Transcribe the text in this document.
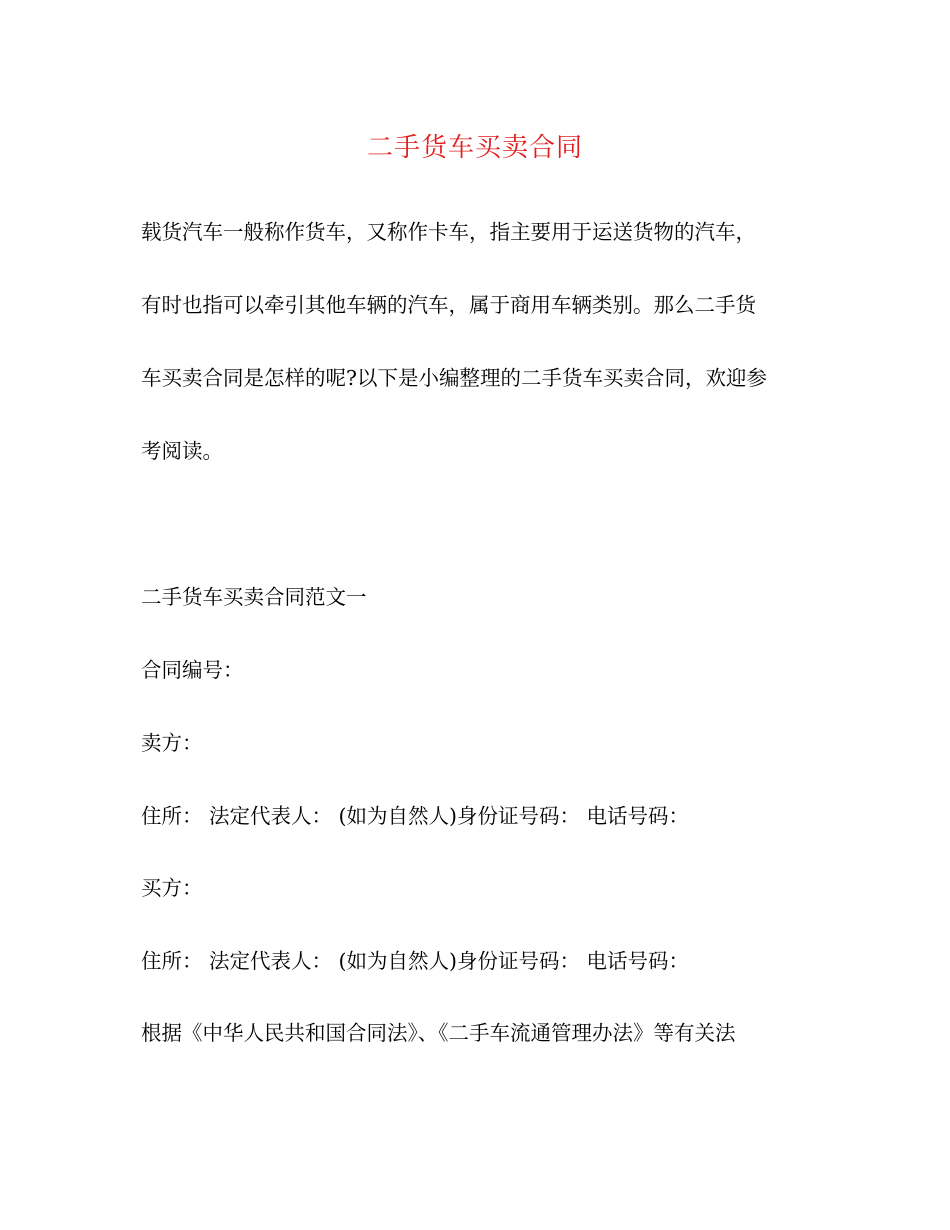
二手货车买卖合同
载货汽车一般称作货车，又称作卡车，指主要用于运送货物的汽车，
有时也指可以牵引其他车辆的汽车，属于商用车辆类别。那么二手货
车买卖合同是怎样的呢?以下是小编整理的二手货车买卖合同，欢迎参
考阅读。
二手货车买卖合同范文一
合同编号：
卖方：
住所： 法定代表人： (如为自然人)身份证号码： 电话号码：
买方：
住所： 法定代表人： (如为自然人)身份证号码： 电话号码：
根据《中华人民共和国合同法》、《二手车流通管理办法》等有关法
